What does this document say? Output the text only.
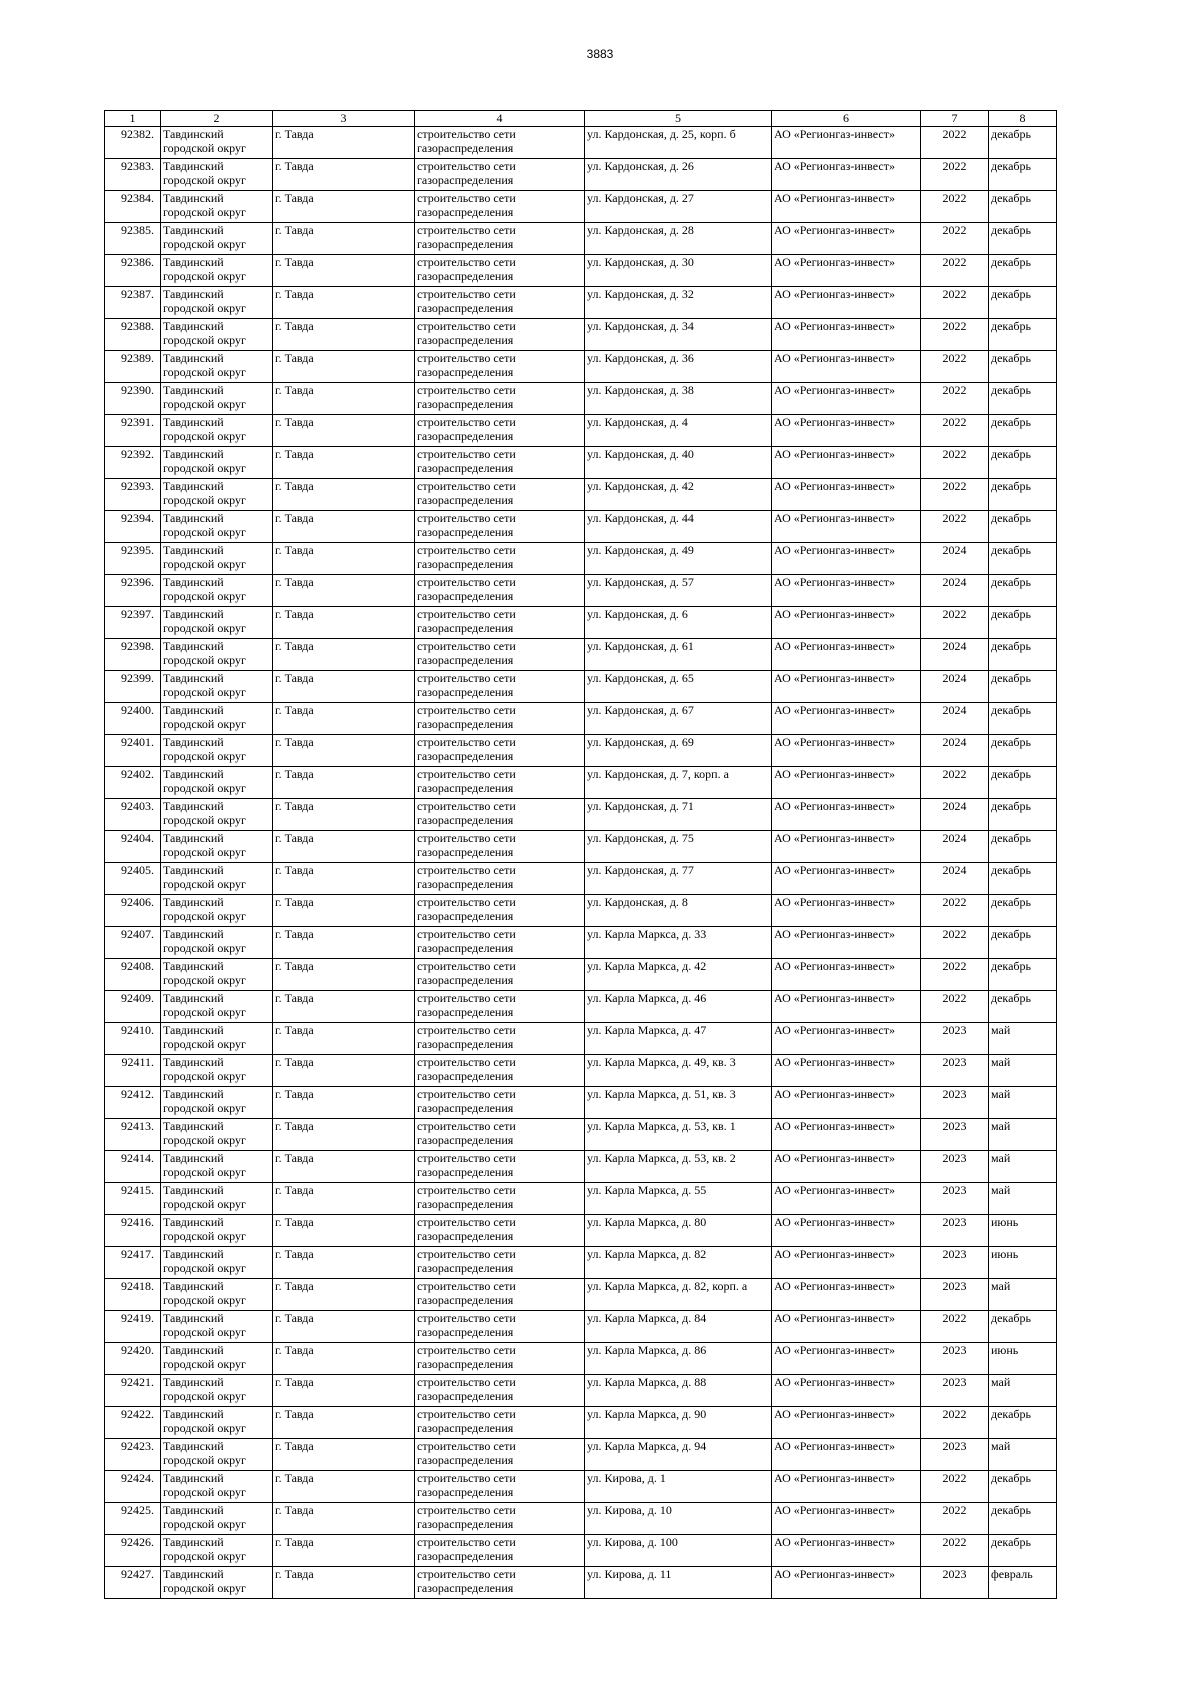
3883
1	2	3	4	5	6	7	8
92382.	Тавдинский городской округ	г. Тавда	строительство сети газораспределения	ул. Кардонская, д. 25, корп. б	АО «Регионгаз-инвест»	2022	декабрь
92383.	Тавдинский городской округ	г. Тавда	строительство сети газораспределения	ул. Кардонская, д. 26	АО «Регионгаз-инвест»	2022	декабрь
92384.	Тавдинский городской округ	г. Тавда	строительство сети газораспределения	ул. Кардонская, д. 27	АО «Регионгаз-инвест»	2022	декабрь
92385.	Тавдинский городской округ	г. Тавда	строительство сети газораспределения	ул. Кардонская, д. 28	АО «Регионгаз-инвест»	2022	декабрь
92386.	Тавдинский городской округ	г. Тавда	строительство сети газораспределения	ул. Кардонская, д. 30	АО «Регионгаз-инвест»	2022	декабрь
92387.	Тавдинский городской округ	г. Тавда	строительство сети газораспределения	ул. Кардонская, д. 32	АО «Регионгаз-инвест»	2022	декабрь
92388.	Тавдинский городской округ	г. Тавда	строительство сети газораспределения	ул. Кардонская, д. 34	АО «Регионгаз-инвест»	2022	декабрь
92389.	Тавдинский городской округ	г. Тавда	строительство сети газораспределения	ул. Кардонская, д. 36	АО «Регионгаз-инвест»	2022	декабрь
92390.	Тавдинский городской округ	г. Тавда	строительство сети газораспределения	ул. Кардонская, д. 38	АО «Регионгаз-инвест»	2022	декабрь
92391.	Тавдинский городской округ	г. Тавда	строительство сети газораспределения	ул. Кардонская, д. 4	АО «Регионгаз-инвест»	2022	декабрь
92392.	Тавдинский городской округ	г. Тавда	строительство сети газораспределения	ул. Кардонская, д. 40	АО «Регионгаз-инвест»	2022	декабрь
92393.	Тавдинский городской округ	г. Тавда	строительство сети газораспределения	ул. Кардонская, д. 42	АО «Регионгаз-инвест»	2022	декабрь
92394.	Тавдинский городской округ	г. Тавда	строительство сети газораспределения	ул. Кардонская, д. 44	АО «Регионгаз-инвест»	2022	декабрь
92395.	Тавдинский городской округ	г. Тавда	строительство сети газораспределения	ул. Кардонская, д. 49	АО «Регионгаз-инвест»	2024	декабрь
92396.	Тавдинский городской округ	г. Тавда	строительство сети газораспределения	ул. Кардонская, д. 57	АО «Регионгаз-инвест»	2024	декабрь
92397.	Тавдинский городской округ	г. Тавда	строительство сети газораспределения	ул. Кардонская, д. 6	АО «Регионгаз-инвест»	2022	декабрь
92398.	Тавдинский городской округ	г. Тавда	строительство сети газораспределения	ул. Кардонская, д. 61	АО «Регионгаз-инвест»	2024	декабрь
92399.	Тавдинский городской округ	г. Тавда	строительство сети газораспределения	ул. Кардонская, д. 65	АО «Регионгаз-инвест»	2024	декабрь
92400.	Тавдинский городской округ	г. Тавда	строительство сети газораспределения	ул. Кардонская, д. 67	АО «Регионгаз-инвест»	2024	декабрь
92401.	Тавдинский городской округ	г. Тавда	строительство сети газораспределения	ул. Кардонская, д. 69	АО «Регионгаз-инвест»	2024	декабрь
92402.	Тавдинский городской округ	г. Тавда	строительство сети газораспределения	ул. Кардонская, д. 7, корп. а	АО «Регионгаз-инвест»	2022	декабрь
92403.	Тавдинский городской округ	г. Тавда	строительство сети газораспределения	ул. Кардонская, д. 71	АО «Регионгаз-инвест»	2024	декабрь
92404.	Тавдинский городской округ	г. Тавда	строительство сети газораспределения	ул. Кардонская, д. 75	АО «Регионгаз-инвест»	2024	декабрь
92405.	Тавдинский городской округ	г. Тавда	строительство сети газораспределения	ул. Кардонская, д. 77	АО «Регионгаз-инвест»	2024	декабрь
92406.	Тавдинский городской округ	г. Тавда	строительство сети газораспределения	ул. Кардонская, д. 8	АО «Регионгаз-инвест»	2022	декабрь
92407.	Тавдинский городской округ	г. Тавда	строительство сети газораспределения	ул. Карла Маркса, д. 33	АО «Регионгаз-инвест»	2022	декабрь
92408.	Тавдинский городской округ	г. Тавда	строительство сети газораспределения	ул. Карла Маркса, д. 42	АО «Регионгаз-инвест»	2022	декабрь
92409.	Тавдинский городской округ	г. Тавда	строительство сети газораспределения	ул. Карла Маркса, д. 46	АО «Регионгаз-инвест»	2022	декабрь
92410.	Тавдинский городской округ	г. Тавда	строительство сети газораспределения	ул. Карла Маркса, д. 47	АО «Регионгаз-инвест»	2023	май
92411.	Тавдинский городской округ	г. Тавда	строительство сети газораспределения	ул. Карла Маркса, д. 49, кв. 3	АО «Регионгаз-инвест»	2023	май
92412.	Тавдинский городской округ	г. Тавда	строительство сети газораспределения	ул. Карла Маркса, д. 51, кв. 3	АО «Регионгаз-инвест»	2023	май
92413.	Тавдинский городской округ	г. Тавда	строительство сети газораспределения	ул. Карла Маркса, д. 53, кв. 1	АО «Регионгаз-инвест»	2023	май
92414.	Тавдинский городской округ	г. Тавда	строительство сети газораспределения	ул. Карла Маркса, д. 53, кв. 2	АО «Регионгаз-инвест»	2023	май
92415.	Тавдинский городской округ	г. Тавда	строительство сети газораспределения	ул. Карла Маркса, д. 55	АО «Регионгаз-инвест»	2023	май
92416.	Тавдинский городской округ	г. Тавда	строительство сети газораспределения	ул. Карла Маркса, д. 80	АО «Регионгаз-инвест»	2023	июнь
92417.	Тавдинский городской округ	г. Тавда	строительство сети газораспределения	ул. Карла Маркса, д. 82	АО «Регионгаз-инвест»	2023	июнь
92418.	Тавдинский городской округ	г. Тавда	строительство сети газораспределения	ул. Карла Маркса, д. 82, корп. а	АО «Регионгаз-инвест»	2023	май
92419.	Тавдинский городской округ	г. Тавда	строительство сети газораспределения	ул. Карла Маркса, д. 84	АО «Регионгаз-инвест»	2022	декабрь
92420.	Тавдинский городской округ	г. Тавда	строительство сети газораспределения	ул. Карла Маркса, д. 86	АО «Регионгаз-инвест»	2023	июнь
92421.	Тавдинский городской округ	г. Тавда	строительство сети газораспределения	ул. Карла Маркса, д. 88	АО «Регионгаз-инвест»	2023	май
92422.	Тавдинский городской округ	г. Тавда	строительство сети газораспределения	ул. Карла Маркса, д. 90	АО «Регионгаз-инвест»	2022	декабрь
92423.	Тавдинский городской округ	г. Тавда	строительство сети газораспределения	ул. Карла Маркса, д. 94	АО «Регионгаз-инвест»	2023	май
92424.	Тавдинский городской округ	г. Тавда	строительство сети газораспределения	ул. Кирова, д. 1	АО «Регионгаз-инвест»	2022	декабрь
92425.	Тавдинский городской округ	г. Тавда	строительство сети газораспределения	ул. Кирова, д. 10	АО «Регионгаз-инвест»	2022	декабрь
92426.	Тавдинский городской округ	г. Тавда	строительство сети газораспределения	ул. Кирова, д. 100	АО «Регионгаз-инвест»	2022	декабрь
92427.	Тавдинский городской округ	г. Тавда	строительство сети газораспределения	ул. Кирова, д. 11	АО «Регионгаз-инвест»	2023	февраль
